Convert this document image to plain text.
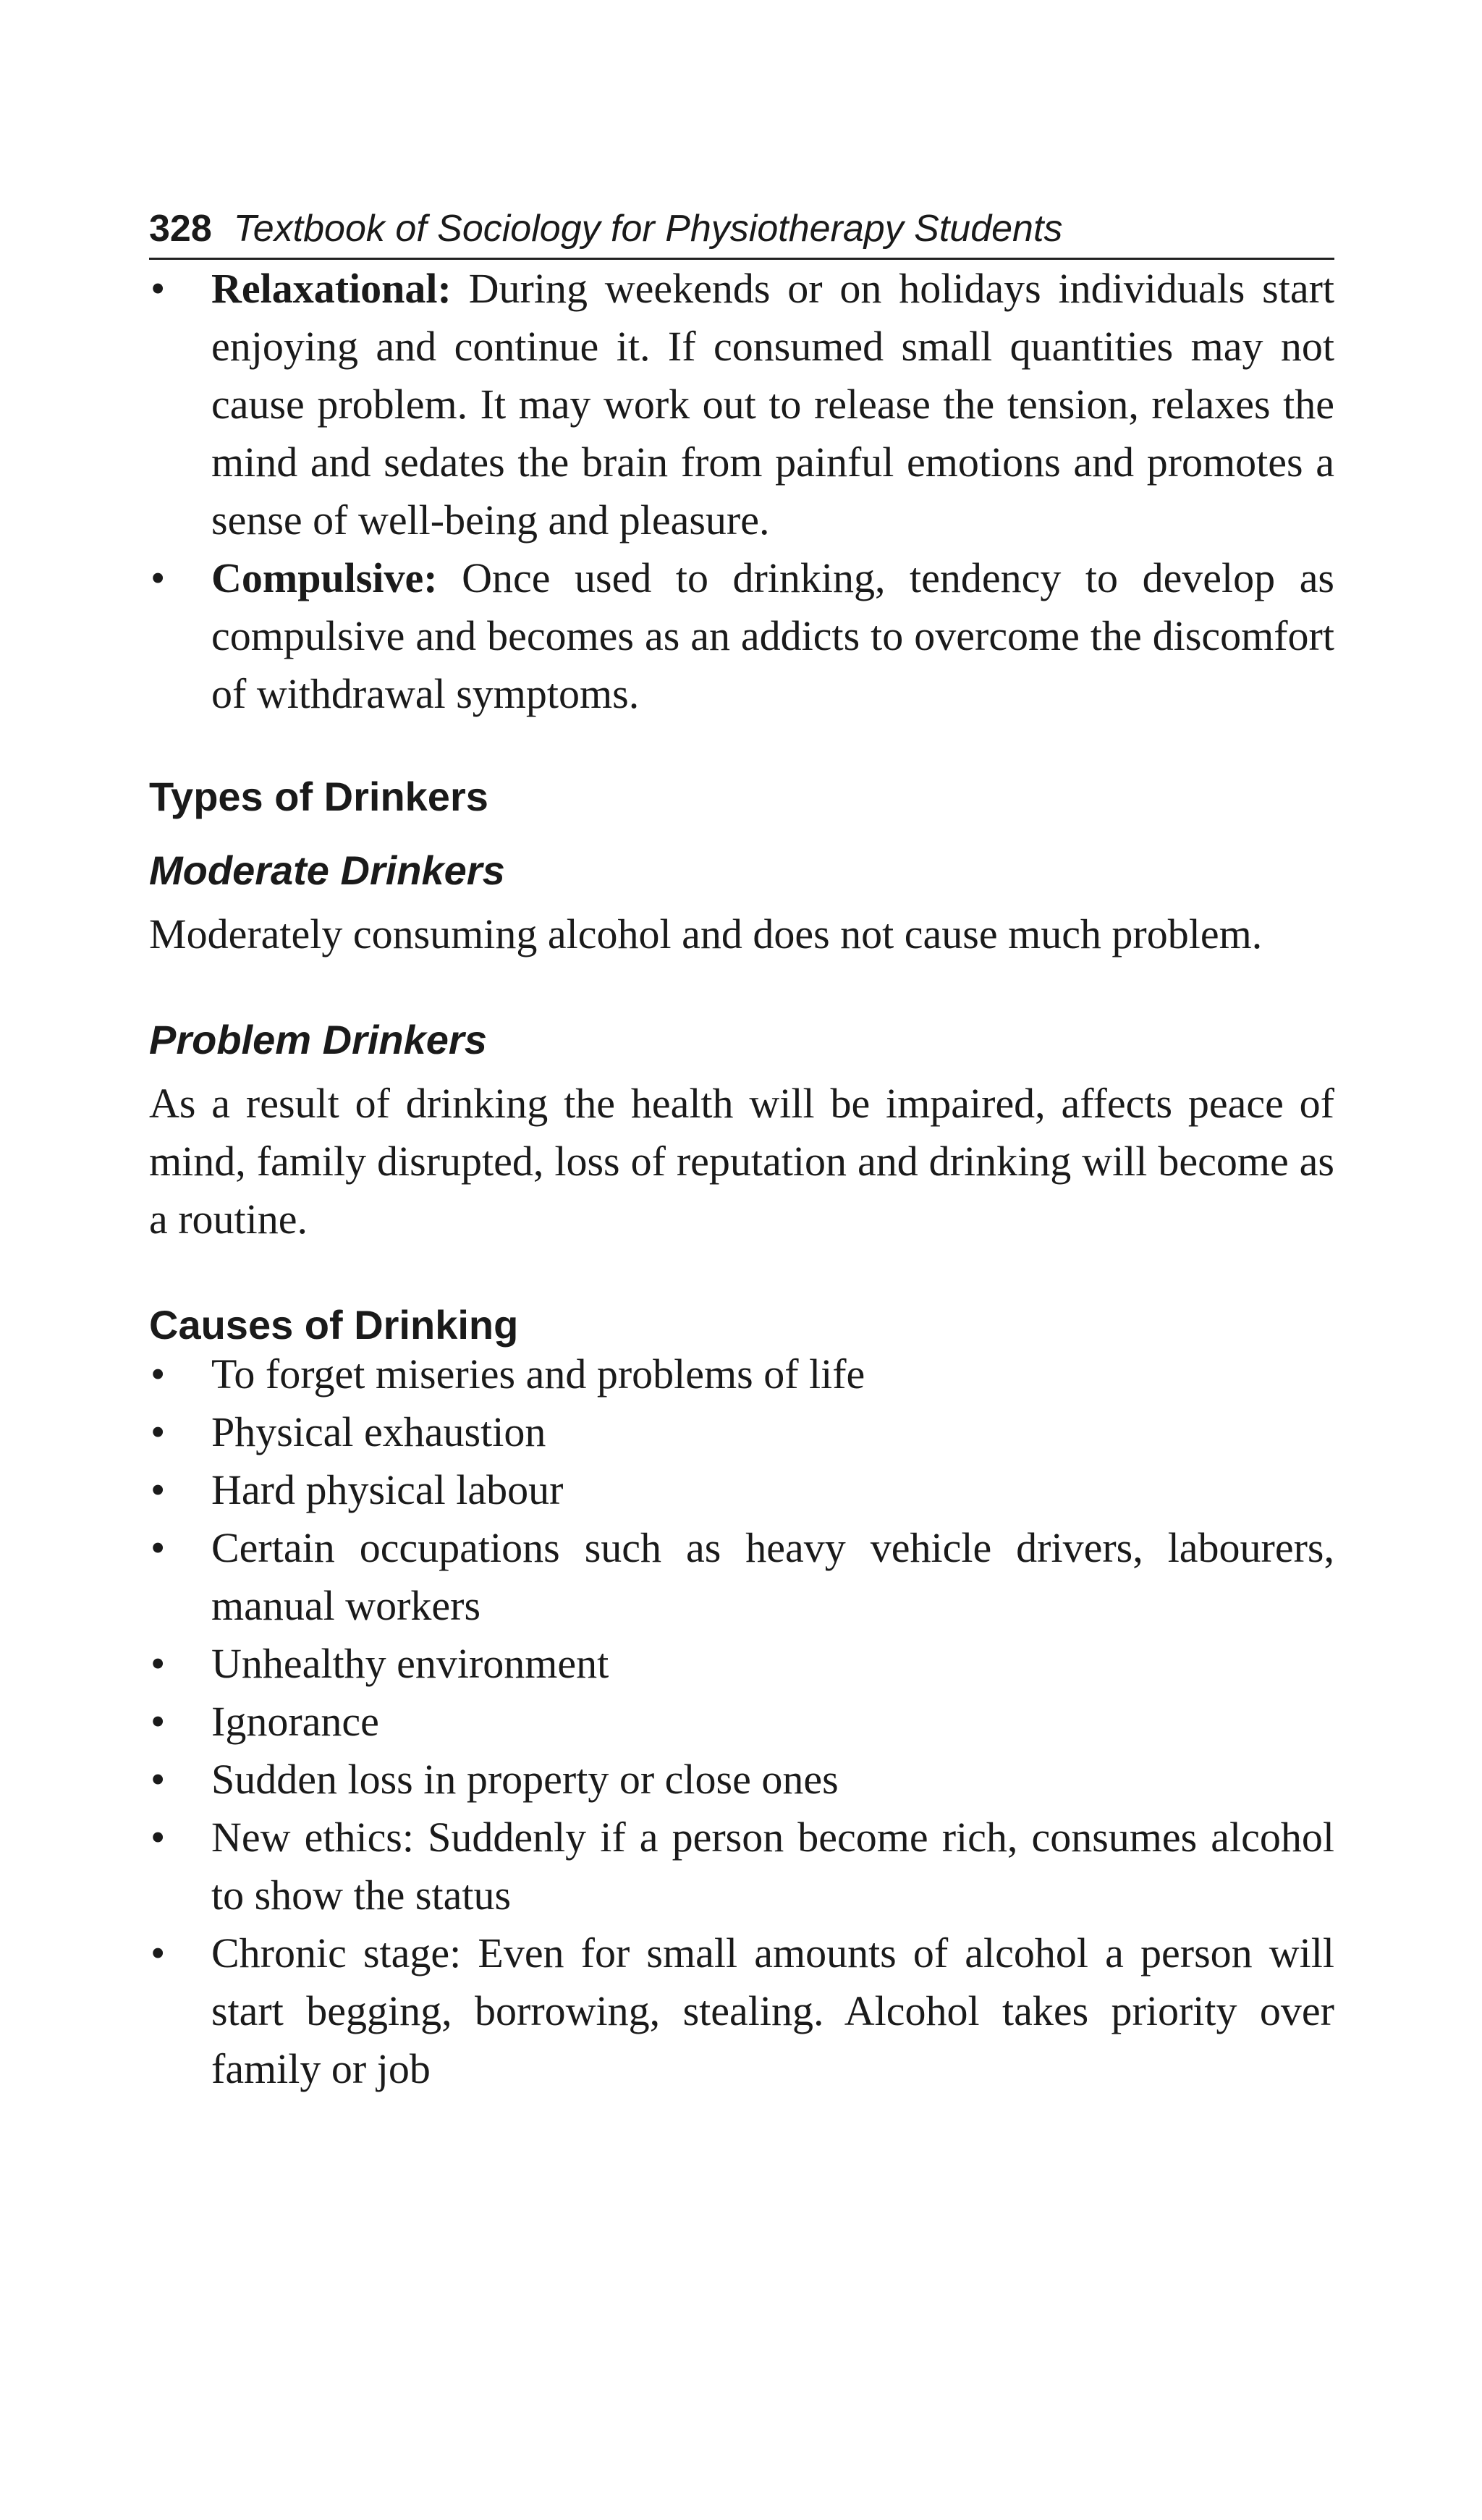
328 Textbook of Sociology for Physiotherapy Students
• Relaxational: During weekends or on holidays individuals start enjoying and continue it. If consumed small quantities may not cause problem. It may work out to release the tension, relaxes the mind and sedates the brain from painful emotions and promotes a sense of well-being and pleasure.
• Compulsive: Once used to drinking, tendency to develop as compulsive and becomes as an addicts to overcome the discomfort of withdrawal symptoms.
Types of Drinkers
Moderate Drinkers

Moderately consuming alcohol and does not cause much problem.

Problem Drinkers

As a result of drinking the health will be impaired, affects peace of mind, family disrupted, loss of reputation and drinking will become as a routine.

Causes of Drinking
• To forget miseries and problems of life
• Physical exhaustion
• Hard physical labour
• Certain occupations such as heavy vehicle drivers, labourers, manual workers
• Unhealthy environment
• Ignorance
• Sudden loss in property or close ones
• New ethics: Suddenly if a person become rich, consumes alcohol to show the status
• Chronic stage: Even for small amounts of alcohol a person will start begging, borrowing, stealing. Alcohol takes priority over family or job
